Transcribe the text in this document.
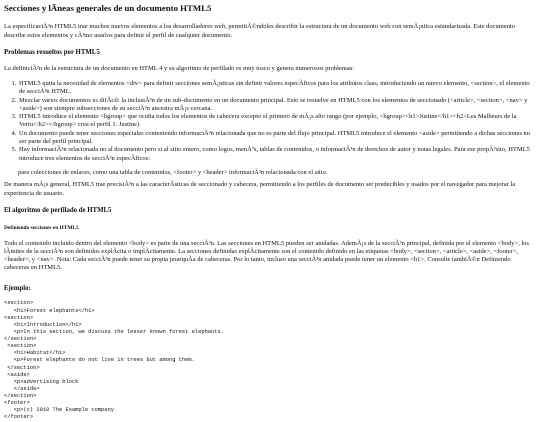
Secciones y lÃneas generales de un documento HTML5

La especificaciÃ³n HTML5 trae muchos nuevos elementos a los desarrolladores web, permitiÃ©ndoles describir la estructura de un documento web con semÃ¡ntica estandarizada. Este documento describe estos elementos y cÃ³mo usarlos para definir el perfil de cualquier documento.

Problemas resueltos por HTML5

La definiciÃ³n de la estructura de un documento en HTML 4 y su algoritmo de perfilado es muy tosco y genera numerosos problemas:

1. HTML5 quita la necesidad de elementos <div> para definir secciones semÃ¡nticas sin definir valores especÃficos para los atributos class, introduciendo un nuevo elemento, <section>, el elemento de secciÃ³n HTML.
2. Mezclar varios documentos es difÃcil: la inclusiÃ³n de un sub-documento en un documento principal. Esto se resuelve en HTML5 con los elementos de seccionado (<article>, <section>, <nav> y <aside>) son siempre subsecciones de su secciÃ³n ancestra mÃ¡s cercana.
3. HTML5 introduce el elemento <hgroup> que oculta todos los elementos de cabecera excepto el primero de mÃ¡s alto rango (por ejemplo, <hgroup><h1>Justine</h1><h2>Les Malheurs de la Vertu</h2></hgroup> crea el perfil 1. Justine).
4. Un documento puede tener secciones especiales conteniendo informaciÃ³n relacionada que no es parte del flujo principal. HTML5 introduce el elemento <aside> permitiendo a dichas secciones no ser parte del perfil principal.
5. Hay informaciÃ³n relacionada no al documento pero si al sitio entero, como logos, menÃºs, tablas de contenidos, o informaciÃ³n de derechos de autor y notas legales. Para ese propÃ³sito, HTML5 introduce tres elementos de secciÃ³n especÃficos:
para colecciones de enlaces, como una tabla de contenidos, <footer> y <header> informaciÃ³n relacionada con el sitio.

De manera mÃ¡s general, HTML5 trae precisiÃ³n a las caracterÃsticas de seccionado y cabecera, permitiendo a los perfiles de documento ser predecibles y usados por el navegador para mejorar la experiencia de usuario.

El algoritmo de perfilado de HTML5
Definiendo secciones en HTML5

Todo el contenido incluido dentro del elemento <body> es parte de una secciÃ³n. Las secciones en HTML5 pueden ser anidadas. AdemÃ¡s de la secciÃ³n principal, definida por el elemento <body>, los lÃmites de la secciÃ³n son definidos explÃcita o implÃcitamente. La secciones definidas explÃcitamente son el contenido definido en las etiquetas <body>, <section>, <article>, <aside>, <footer>, <header>, y <nav>. Nota: Cada secciÃ³n puede tener su propia jerarquÃa de cabeceras. Por lo tanto, incluso una secciÃ³n anidada puede tener un elemento <h1>. Consulte tambiÃ©n Definiendo cabeceras en HTML5.

Ejemplo:
<section>
<h1>Forest elephants</h1>
<section>
<h1>Introduction</h1>
<p>In this section, we discuss the lesser known forest elephants.
</section>
<section>
<h1>Habitat</h1>
<p>Forest elephants do not live in trees but among them.
</section>
<aside>
<p>advertising block
</aside>
</section>
<footer>
<p>(c) 2010 The Example company
</footer>
